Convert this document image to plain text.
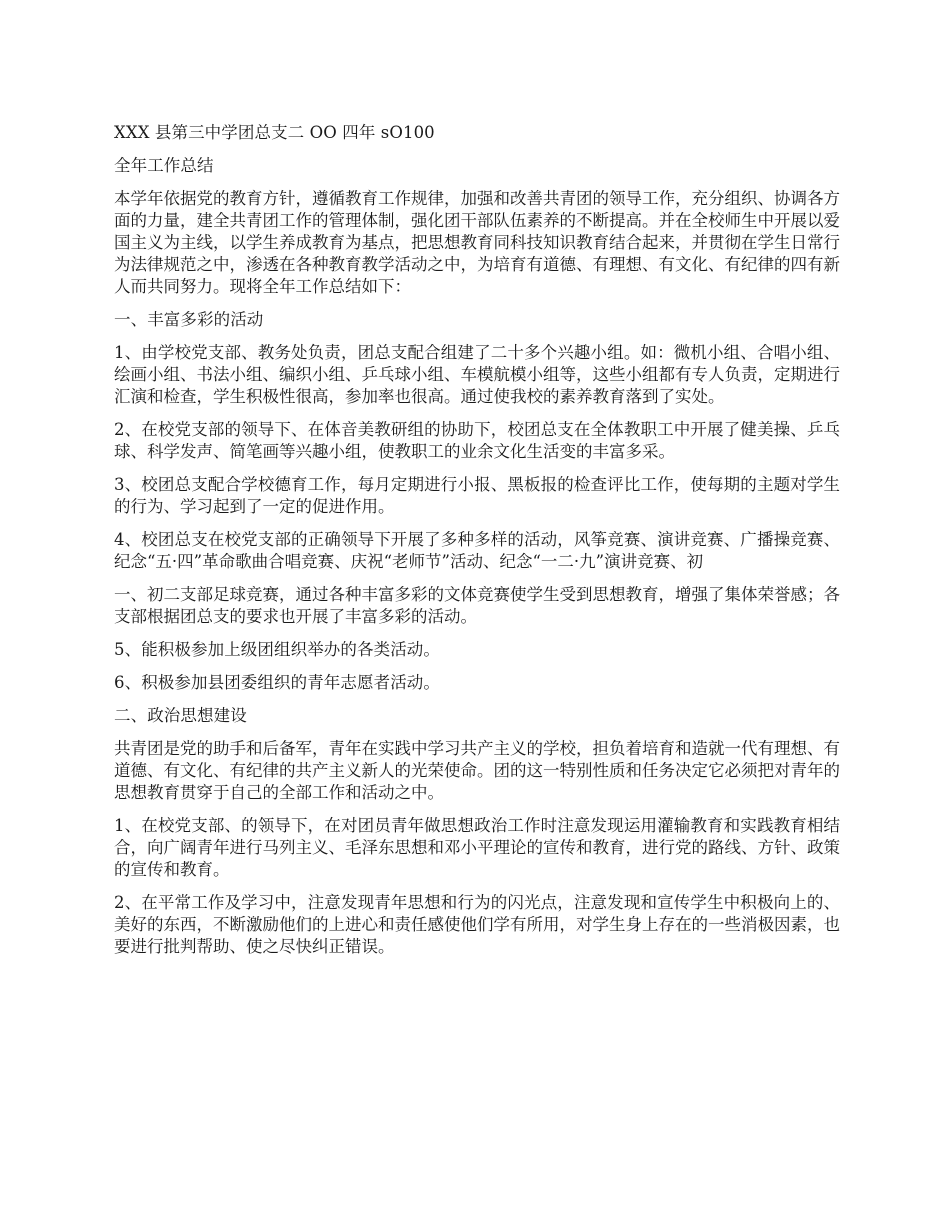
XXX 县第三中学团总支二 OO 四年 sO100

全年工作总结

本学年依据党的教育方针，遵循教育工作规律，加强和改善共青团的领导工作，充分组织、协调各方面的力量，建全共青团工作的管理体制，强化团干部队伍素养的不断提高。并在全校师生中开展以爱国主义为主线，以学生养成教育为基点，把思想教育同科技知识教育结合起来，并贯彻在学生日常行为法律规范之中，渗透在各种教育教学活动之中，为培育有道德、有理想、有文化、有纪律的四有新人而共同努力。现将全年工作总结如下：

一、丰富多彩的活动

1、由学校党支部、教务处负责，团总支配合组建了二十多个兴趣小组。如：微机小组、合唱小组、绘画小组、书法小组、编织小组、乒乓球小组、车模航模小组等，这些小组都有专人负责，定期进行汇演和检查，学生积极性很高，参加率也很高。通过使我校的素养教育落到了实处。

2、在校党支部的领导下、在体音美教研组的协助下，校团总支在全体教职工中开展了健美操、乒乓球、科学发声、简笔画等兴趣小组，使教职工的业余文化生活变的丰富多采。

3、校团总支配合学校德育工作，每月定期进行小报、黑板报的检查评比工作，使每期的主题对学生的行为、学习起到了一定的促进作用。

4、校团总支在校党支部的正确领导下开展了多种多样的活动，风筝竞赛、演讲竞赛、广播操竞赛、纪念“五·四”革命歌曲合唱竞赛、庆祝“老师节”活动、纪念“一二·九”演讲竞赛、初

一、初二支部足球竞赛，通过各种丰富多彩的文体竞赛使学生受到思想教育，增强了集体荣誉感；各支部根据团总支的要求也开展了丰富多彩的活动。

5、能积极参加上级团组织举办的各类活动。

6、积极参加县团委组织的青年志愿者活动。

二、政治思想建设

共青团是党的助手和后备军，青年在实践中学习共产主义的学校，担负着培育和造就一代有理想、有道德、有文化、有纪律的共产主义新人的光荣使命。团的这一特别性质和任务决定它必须把对青年的思想教育贯穿于自己的全部工作和活动之中。

1、在校党支部、的领导下，在对团员青年做思想政治工作时注意发现运用灌输教育和实践教育相结合，向广阔青年进行马列主义、毛泽东思想和邓小平理论的宣传和教育，进行党的路线、方针、政策的宣传和教育。

2、在平常工作及学习中，注意发现青年思想和行为的闪光点，注意发现和宣传学生中积极向上的、美好的东西，不断激励他们的上进心和责任感使他们学有所用，对学生身上存在的一些消极因素，也要进行批判帮助、使之尽快纠正错误。
